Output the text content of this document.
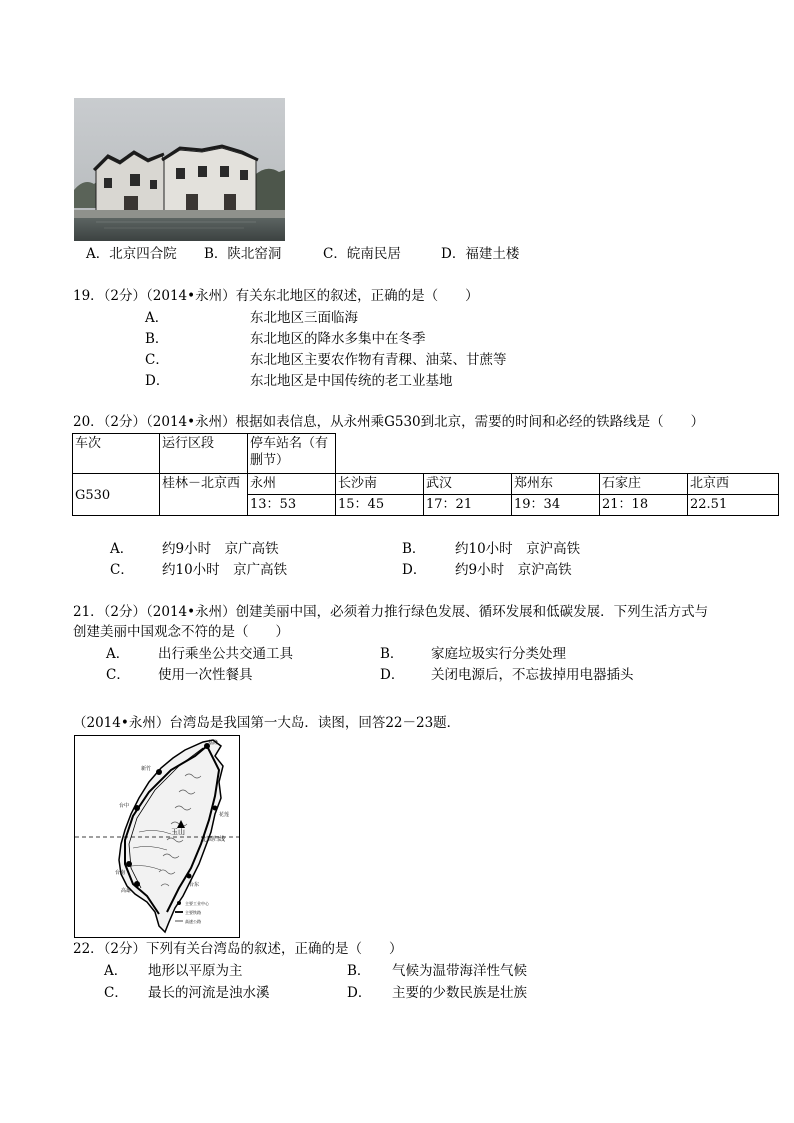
A．北京四合院 B．陕北窑洞	C．皖南民居	D．福建土楼
19．（2分）（2014•永州）有关东北地区的叙述，正确的是（　　）
A．	东北地区三面临海
B．	东北地区的降水多集中在冬季
C．	东北地区主要农作物有青稞、油菜、甘蔗等
D．	东北地区是中国传统的老工业基地
20．（2分）（2014•永州）根据如表信息，从永州乘G530到北京，需要的时间和必经的铁路线是（　　）
车次	运行区段	停车站名（有删节）					
G530	桂林－北京西	永州	长沙南	武汉	郑州东	石家庄	北京西
		13：53	15：45	17：21	19：34	21：18	22.51
A． 约9小时　京广高铁	B． 约10小时　京沪高铁
C． 约10小时　京广高铁	D． 约9小时　京沪高铁
21．（2分）（2014•永州）创建美丽中国，必须着力推行绿色发展、循环发展和低碳发展．下列生活方式与
创建美丽中国观念不符的是（　　）
A． 出行乘坐公共交通工具	B． 家庭垃圾实行分类处理
C． 使用一次性餐具	D． 关闭电源后，不忘拔掉用电器插头
（2014•永州）台湾岛是我国第一大岛．读图，回答22－23题．
基隆
新竹
台中
花莲
玉山
北回归线
台南
高雄
台东
主要工业中心
主要铁路
高速公路
22．（2分）下列有关台湾岛的叙述，正确的是（　　）
A． 地形以平原为主	B． 气候为温带海洋性气候
C． 最长的河流是浊水溪	D． 主要的少数民族是壮族
